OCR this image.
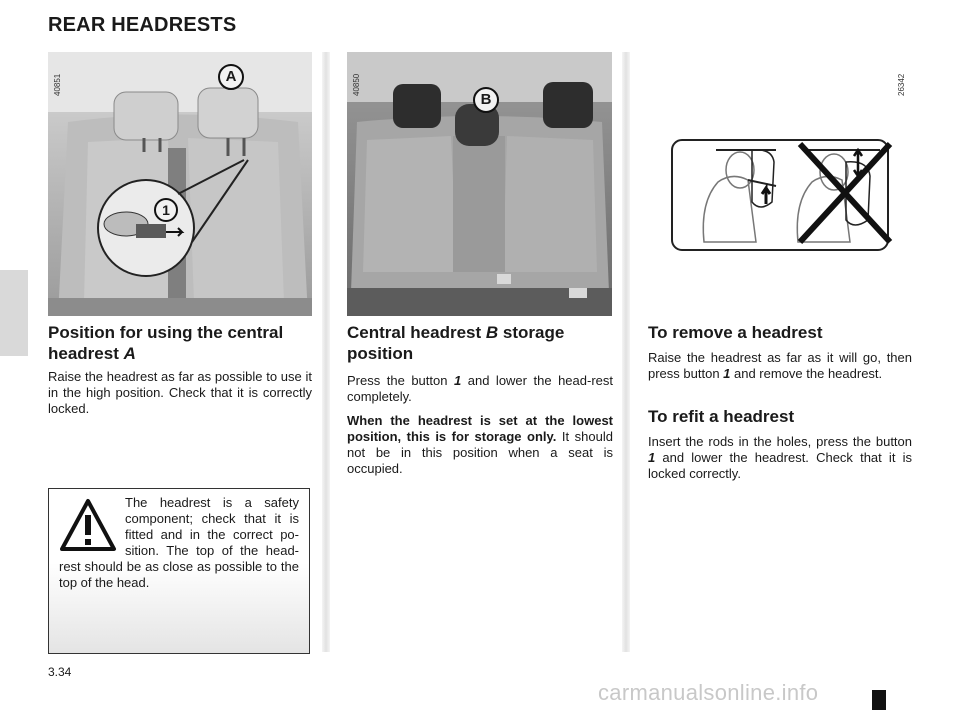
REAR HEADRESTS
40851	A
1
40850
B
26342
Position for using the central headrest A

Raise the headrest as far as possible to use it in the high position. Check that it is correctly locked.

The headrest is a safety component; check that it is fitted and in the correct po-sition. The top of the head-rest should be as close as possible to the top of the head.

Central headrest B storage position

Press the button 1 and lower the head-rest completely.

When the headrest is set at the lowest position, this is for storage only. It should not be in this position when a seat is occupied.

To remove a headrest

Raise the headrest as far as it will go, then press button 1 and remove the headrest.

To refit a headrest

Insert the rods in the holes, press the button 1 and lower the headrest. Check that it is locked correctly.

3.34
carmanualsonline.info
